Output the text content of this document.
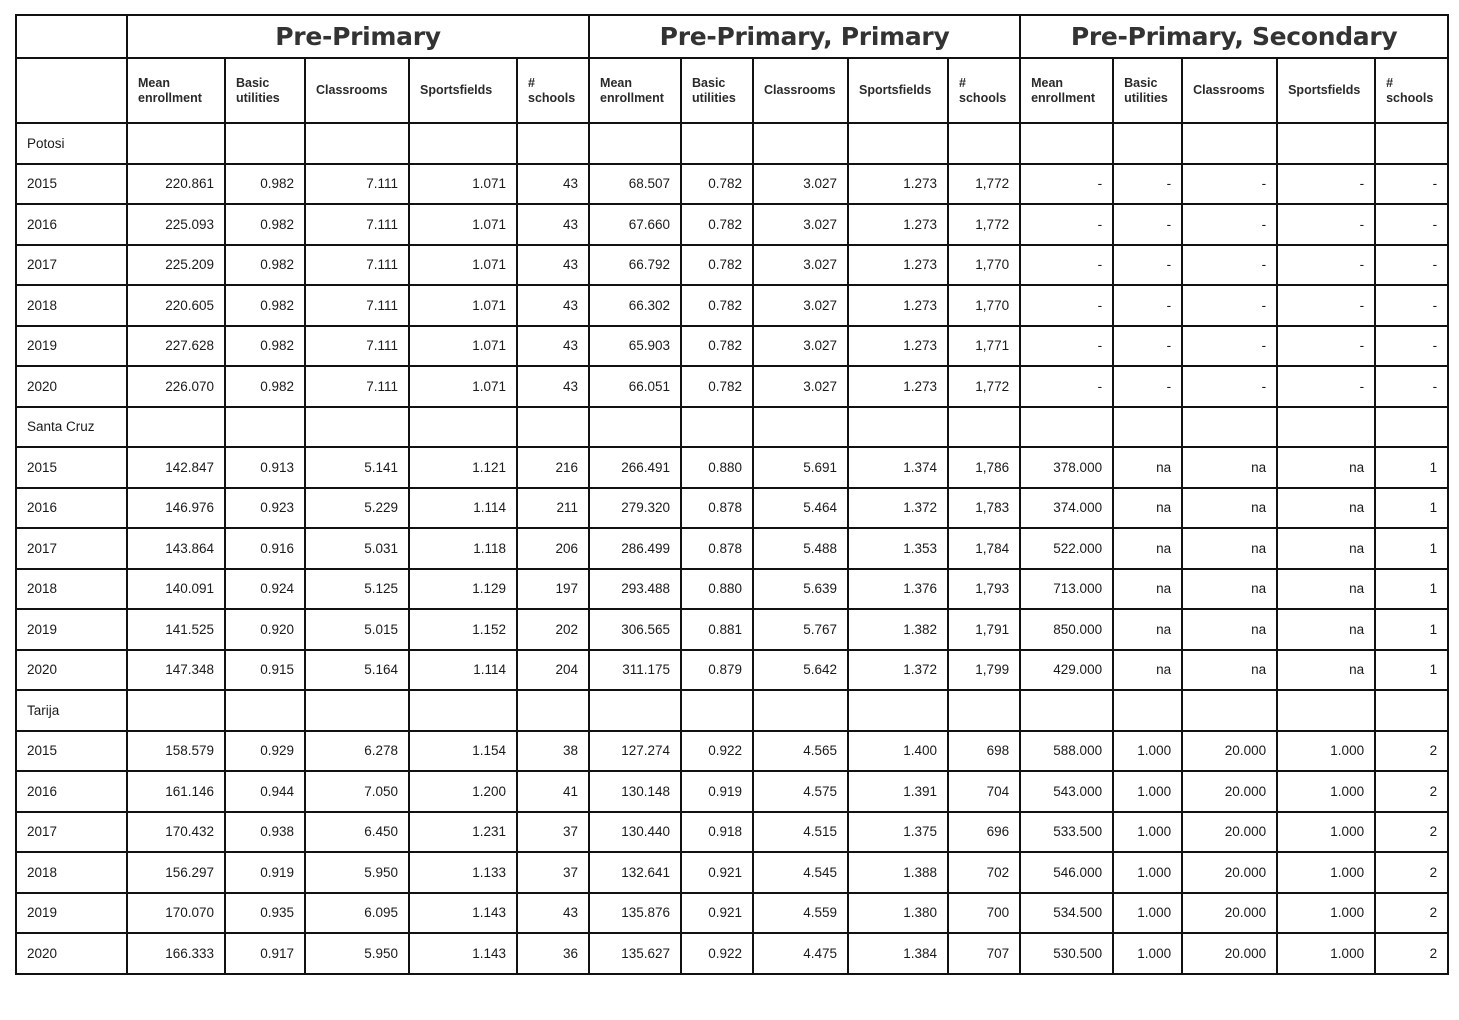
	Pre-Primary					Pre-Primary, Primary					Pre-Primary, Secondary				
	Mean enrollment	Basic utilities	Classrooms	Sportsfields	# schools	Mean enrollment	Basic utilities	Classrooms	Sportsfields	# schools	Mean enrollment	Basic utilities	Classrooms	Sportsfields	# schools
Potosi															
2015	220.861	0.982	7.111	1.071	43	68.507	0.782	3.027	1.273	1,772	-	-	-	-	-
2016	225.093	0.982	7.111	1.071	43	67.660	0.782	3.027	1.273	1,772	-	-	-	-	-
2017	225.209	0.982	7.111	1.071	43	66.792	0.782	3.027	1.273	1,770	-	-	-	-	-
2018	220.605	0.982	7.111	1.071	43	66.302	0.782	3.027	1.273	1,770	-	-	-	-	-
2019	227.628	0.982	7.111	1.071	43	65.903	0.782	3.027	1.273	1,771	-	-	-	-	-
2020	226.070	0.982	7.111	1.071	43	66.051	0.782	3.027	1.273	1,772	-	-	-	-	-
Santa Cruz															
2015	142.847	0.913	5.141	1.121	216	266.491	0.880	5.691	1.374	1,786	378.000	na	na	na	1
2016	146.976	0.923	5.229	1.114	211	279.320	0.878	5.464	1.372	1,783	374.000	na	na	na	1
2017	143.864	0.916	5.031	1.118	206	286.499	0.878	5.488	1.353	1,784	522.000	na	na	na	1
2018	140.091	0.924	5.125	1.129	197	293.488	0.880	5.639	1.376	1,793	713.000	na	na	na	1
2019	141.525	0.920	5.015	1.152	202	306.565	0.881	5.767	1.382	1,791	850.000	na	na	na	1
2020	147.348	0.915	5.164	1.114	204	311.175	0.879	5.642	1.372	1,799	429.000	na	na	na	1
Tarija															
2015	158.579	0.929	6.278	1.154	38	127.274	0.922	4.565	1.400	698	588.000	1.000	20.000	1.000	2
2016	161.146	0.944	7.050	1.200	41	130.148	0.919	4.575	1.391	704	543.000	1.000	20.000	1.000	2
2017	170.432	0.938	6.450	1.231	37	130.440	0.918	4.515	1.375	696	533.500	1.000	20.000	1.000	2
2018	156.297	0.919	5.950	1.133	37	132.641	0.921	4.545	1.388	702	546.000	1.000	20.000	1.000	2
2019	170.070	0.935	6.095	1.143	43	135.876	0.921	4.559	1.380	700	534.500	1.000	20.000	1.000	2
2020	166.333	0.917	5.950	1.143	36	135.627	0.922	4.475	1.384	707	530.500	1.000	20.000	1.000	2
